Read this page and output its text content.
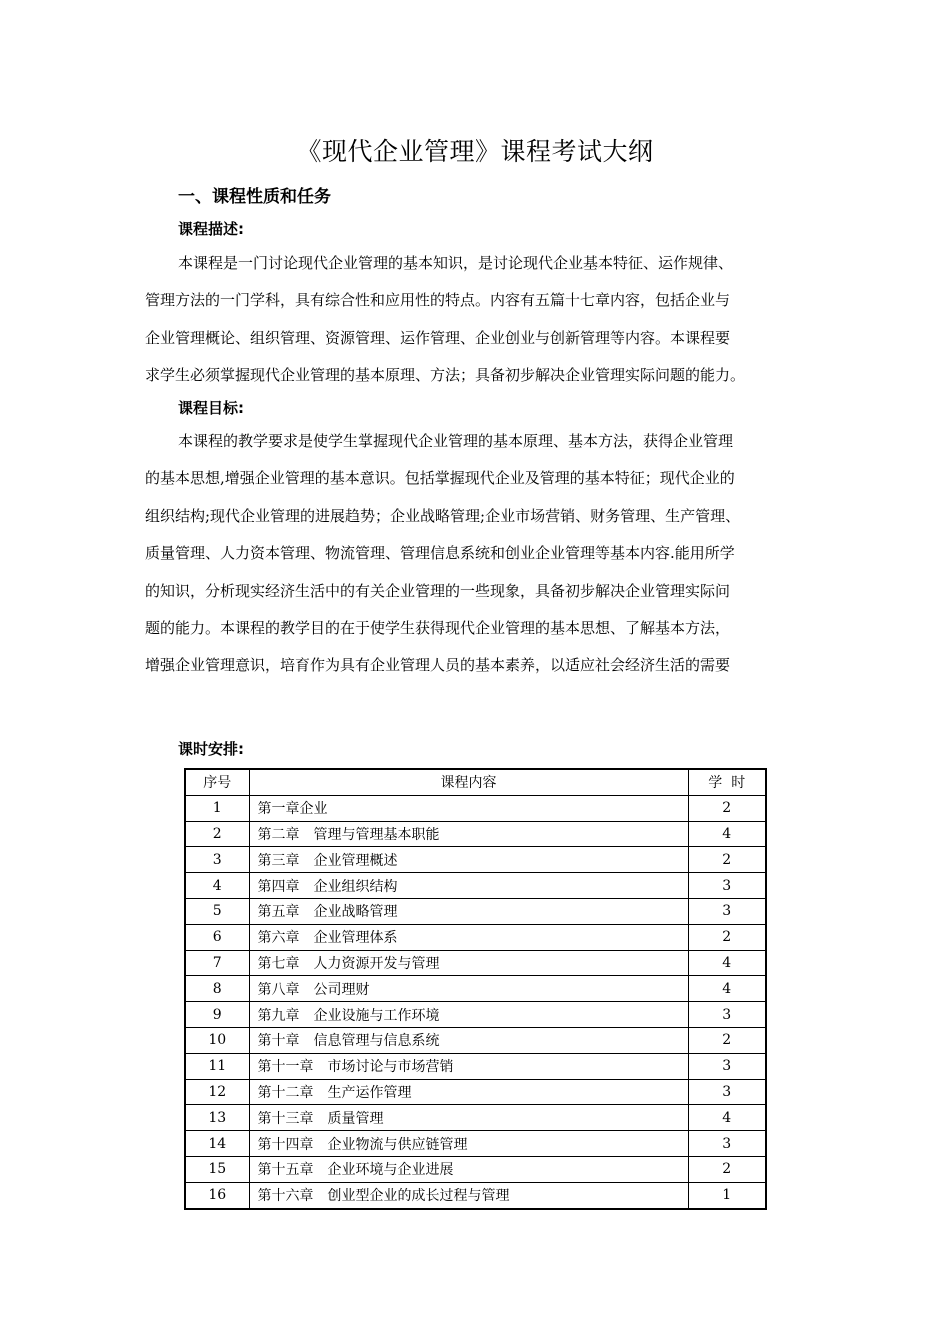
《现代企业管理》课程考试大纲
一、课程性质和任务
课程描述:
本课程是一门讨论现代企业管理的基本知识，是讨论现代企业基本特征、运作规律、
管理方法的一门学科，具有综合性和应用性的特点。内容有五篇十七章内容，包括企业与
企业管理概论、组织管理、资源管理、运作管理、企业创业与创新管理等内容。本课程要
求学生必须掌握现代企业管理的基本原理、方法；具备初步解决企业管理实际问题的能力。
课程目标:
本课程的教学要求是使学生掌握现代企业管理的基本原理、基本方法，获得企业管理
的基本思想,增强企业管理的基本意识。包括掌握现代企业及管理的基本特征；现代企业的
组织结构;现代企业管理的进展趋势；企业战略管理;企业市场营销、财务管理、生产管理、
质量管理、人力资本管理、物流管理、管理信息系统和创业企业管理等基本内容.能用所学
的知识，分析现实经济生活中的有关企业管理的一些现象，具备初步解决企业管理实际问
题的能力。本课程的教学目的在于使学生获得现代企业管理的基本思想、了解基本方法，
增强企业管理意识，培育作为具有企业管理人员的基本素养，以适应社会经济生活的需要
课时安排:
序号	课程内容	学  时
1	第一章企业	2
2	第二章　管理与管理基本职能	4
3	第三章　企业管理概述	2
4	第四章　企业组织结构	3
5	第五章　企业战略管理	3
6	第六章　企业管理体系	2
7	第七章　人力资源开发与管理	4
8	第八章　公司理财	4
9	第九章　企业设施与工作环境	3
10	第十章　信息管理与信息系统	2
11	第十一章　市场讨论与市场营销	3
12	第十二章　生产运作管理	3
13	第十三章　质量管理	4
14	第十四章　企业物流与供应链管理	3
15	第十五章　企业环境与企业进展	2
16	第十六章　创业型企业的成长过程与管理	1
